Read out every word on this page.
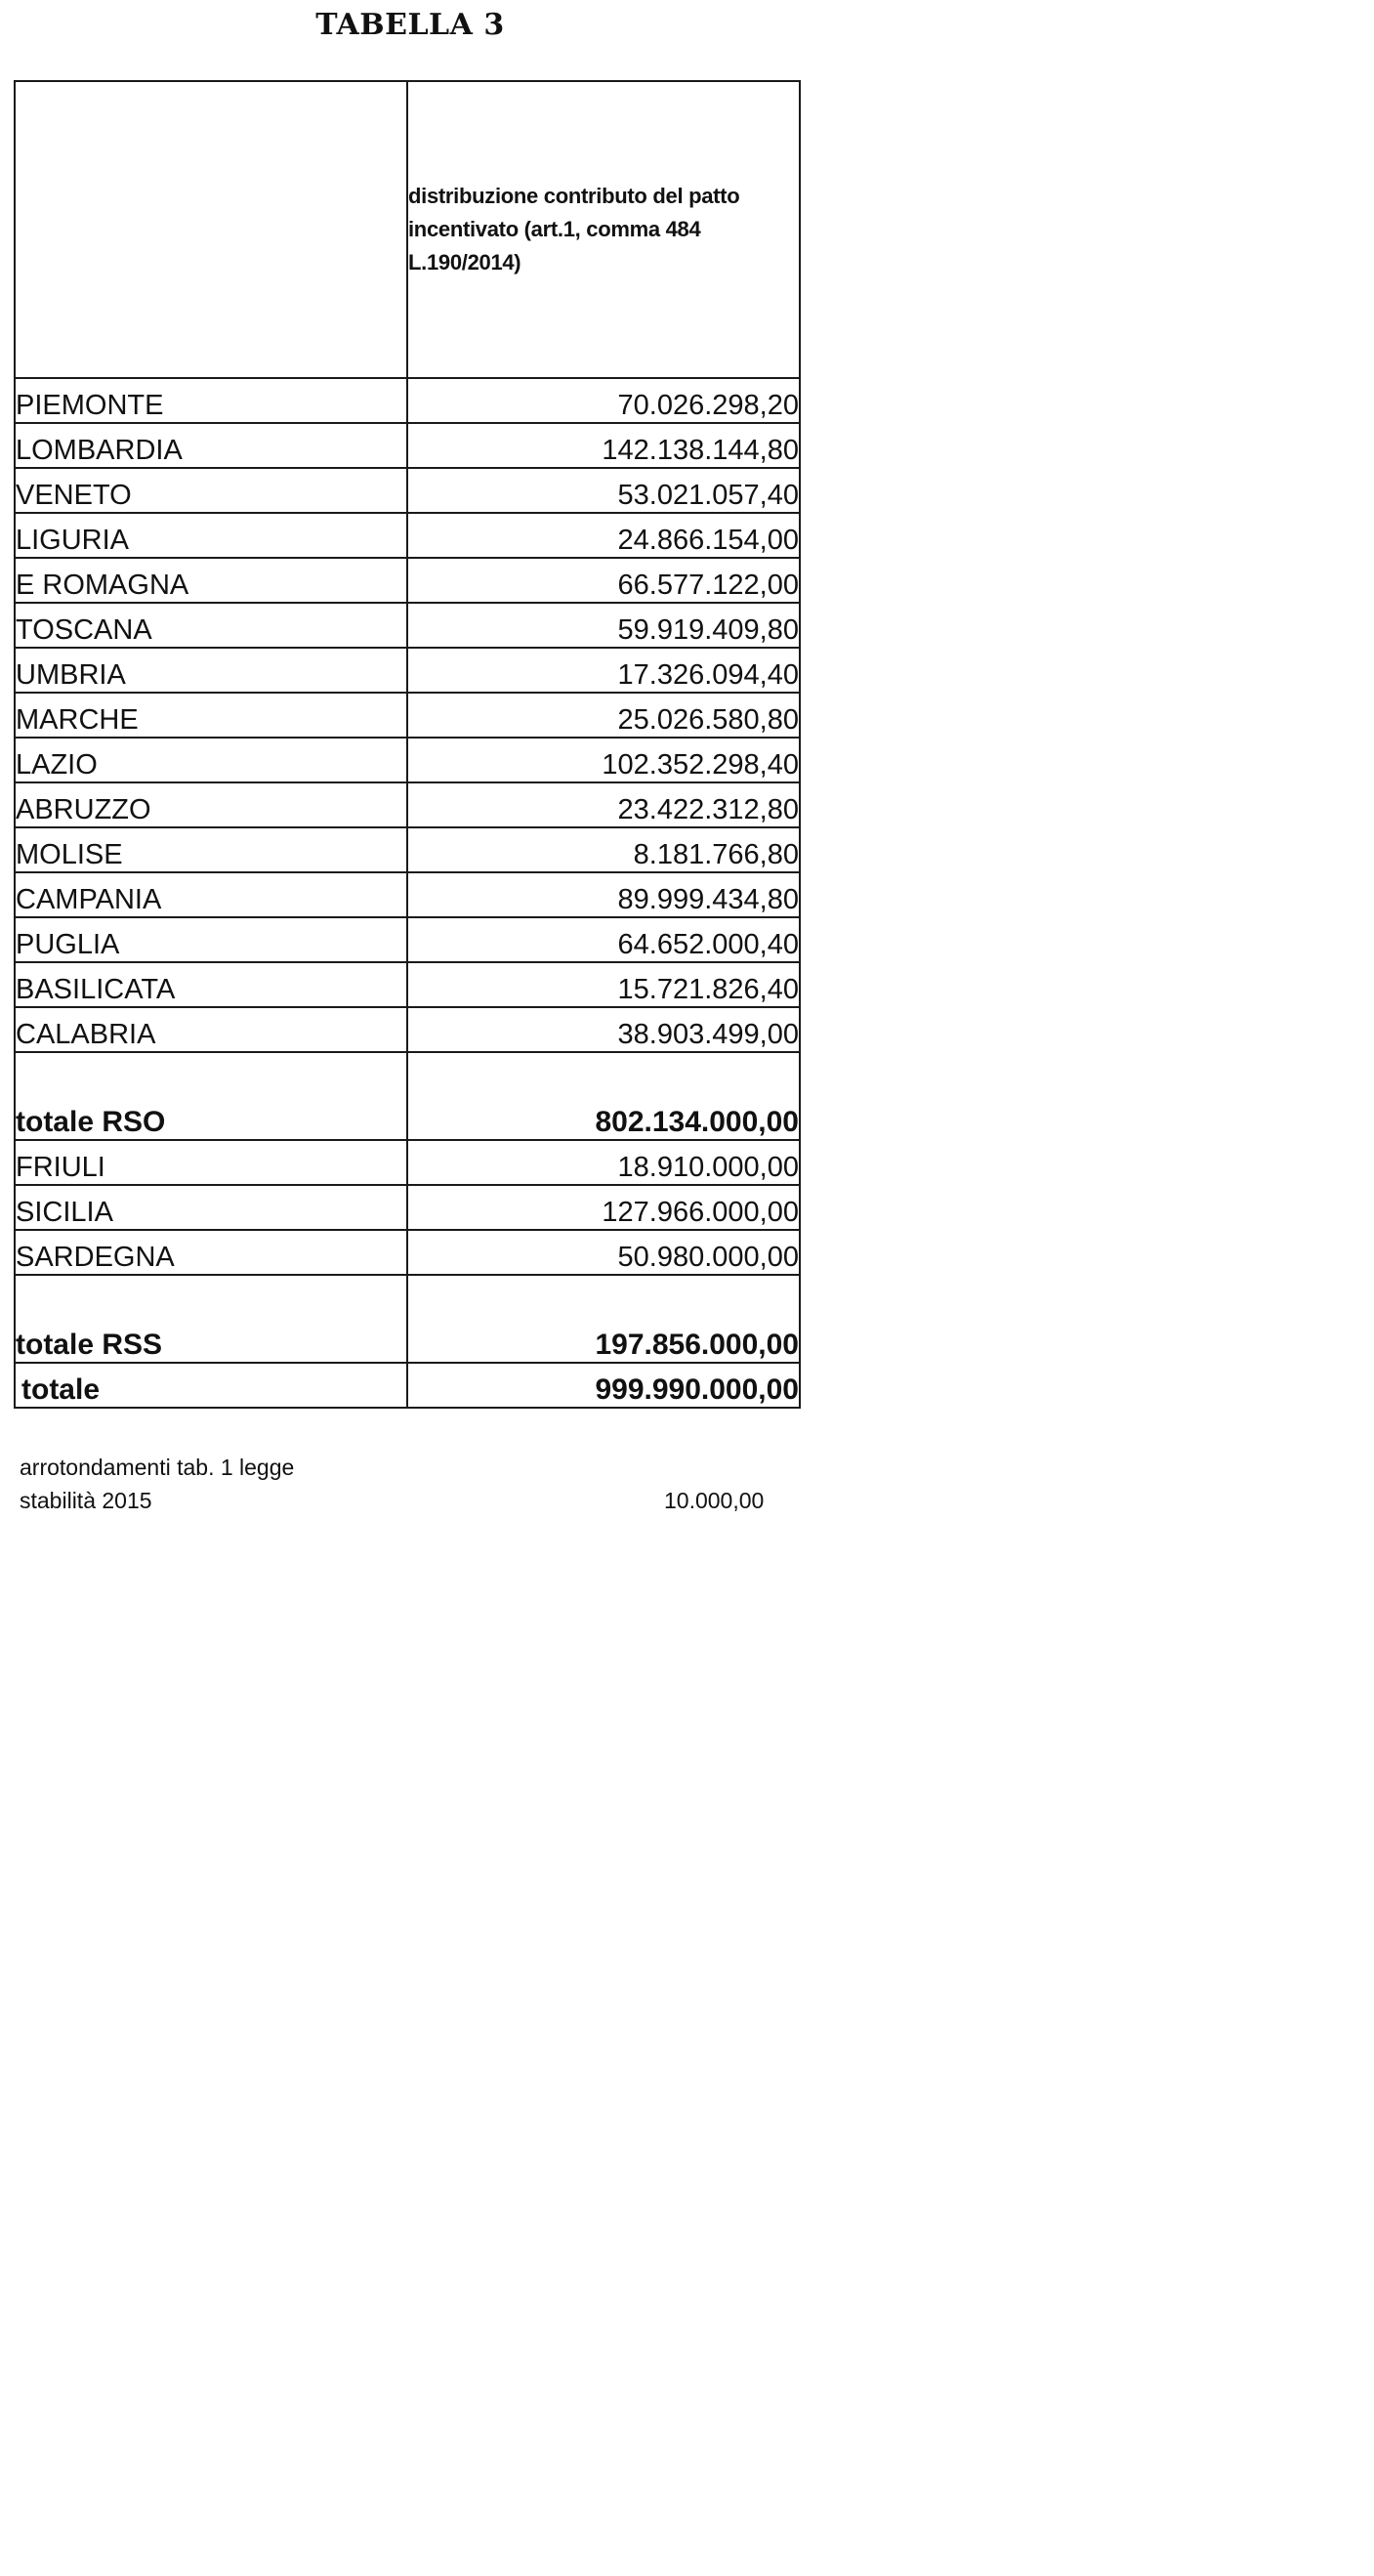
TABELLA 3
	distribuzione contributo del patto incentivato (art.1, comma 484 L.190/2014)
PIEMONTE	70.026.298,20
LOMBARDIA	142.138.144,80
VENETO	53.021.057,40
LIGURIA	24.866.154,00
E ROMAGNA	66.577.122,00
TOSCANA	59.919.409,80
UMBRIA	17.326.094,40
MARCHE	25.026.580,80
LAZIO	102.352.298,40
ABRUZZO	23.422.312,80
MOLISE	8.181.766,80
CAMPANIA	89.999.434,80
PUGLIA	64.652.000,40
BASILICATA	15.721.826,40
CALABRIA	38.903.499,00
totale RSO	802.134.000,00
FRIULI	18.910.000,00
SICILIA	127.966.000,00
SARDEGNA	50.980.000,00
totale RSS	197.856.000,00
totale	999.990.000,00
arrotondamenti tab. 1 legge
stabilità 2015	10.000,00
